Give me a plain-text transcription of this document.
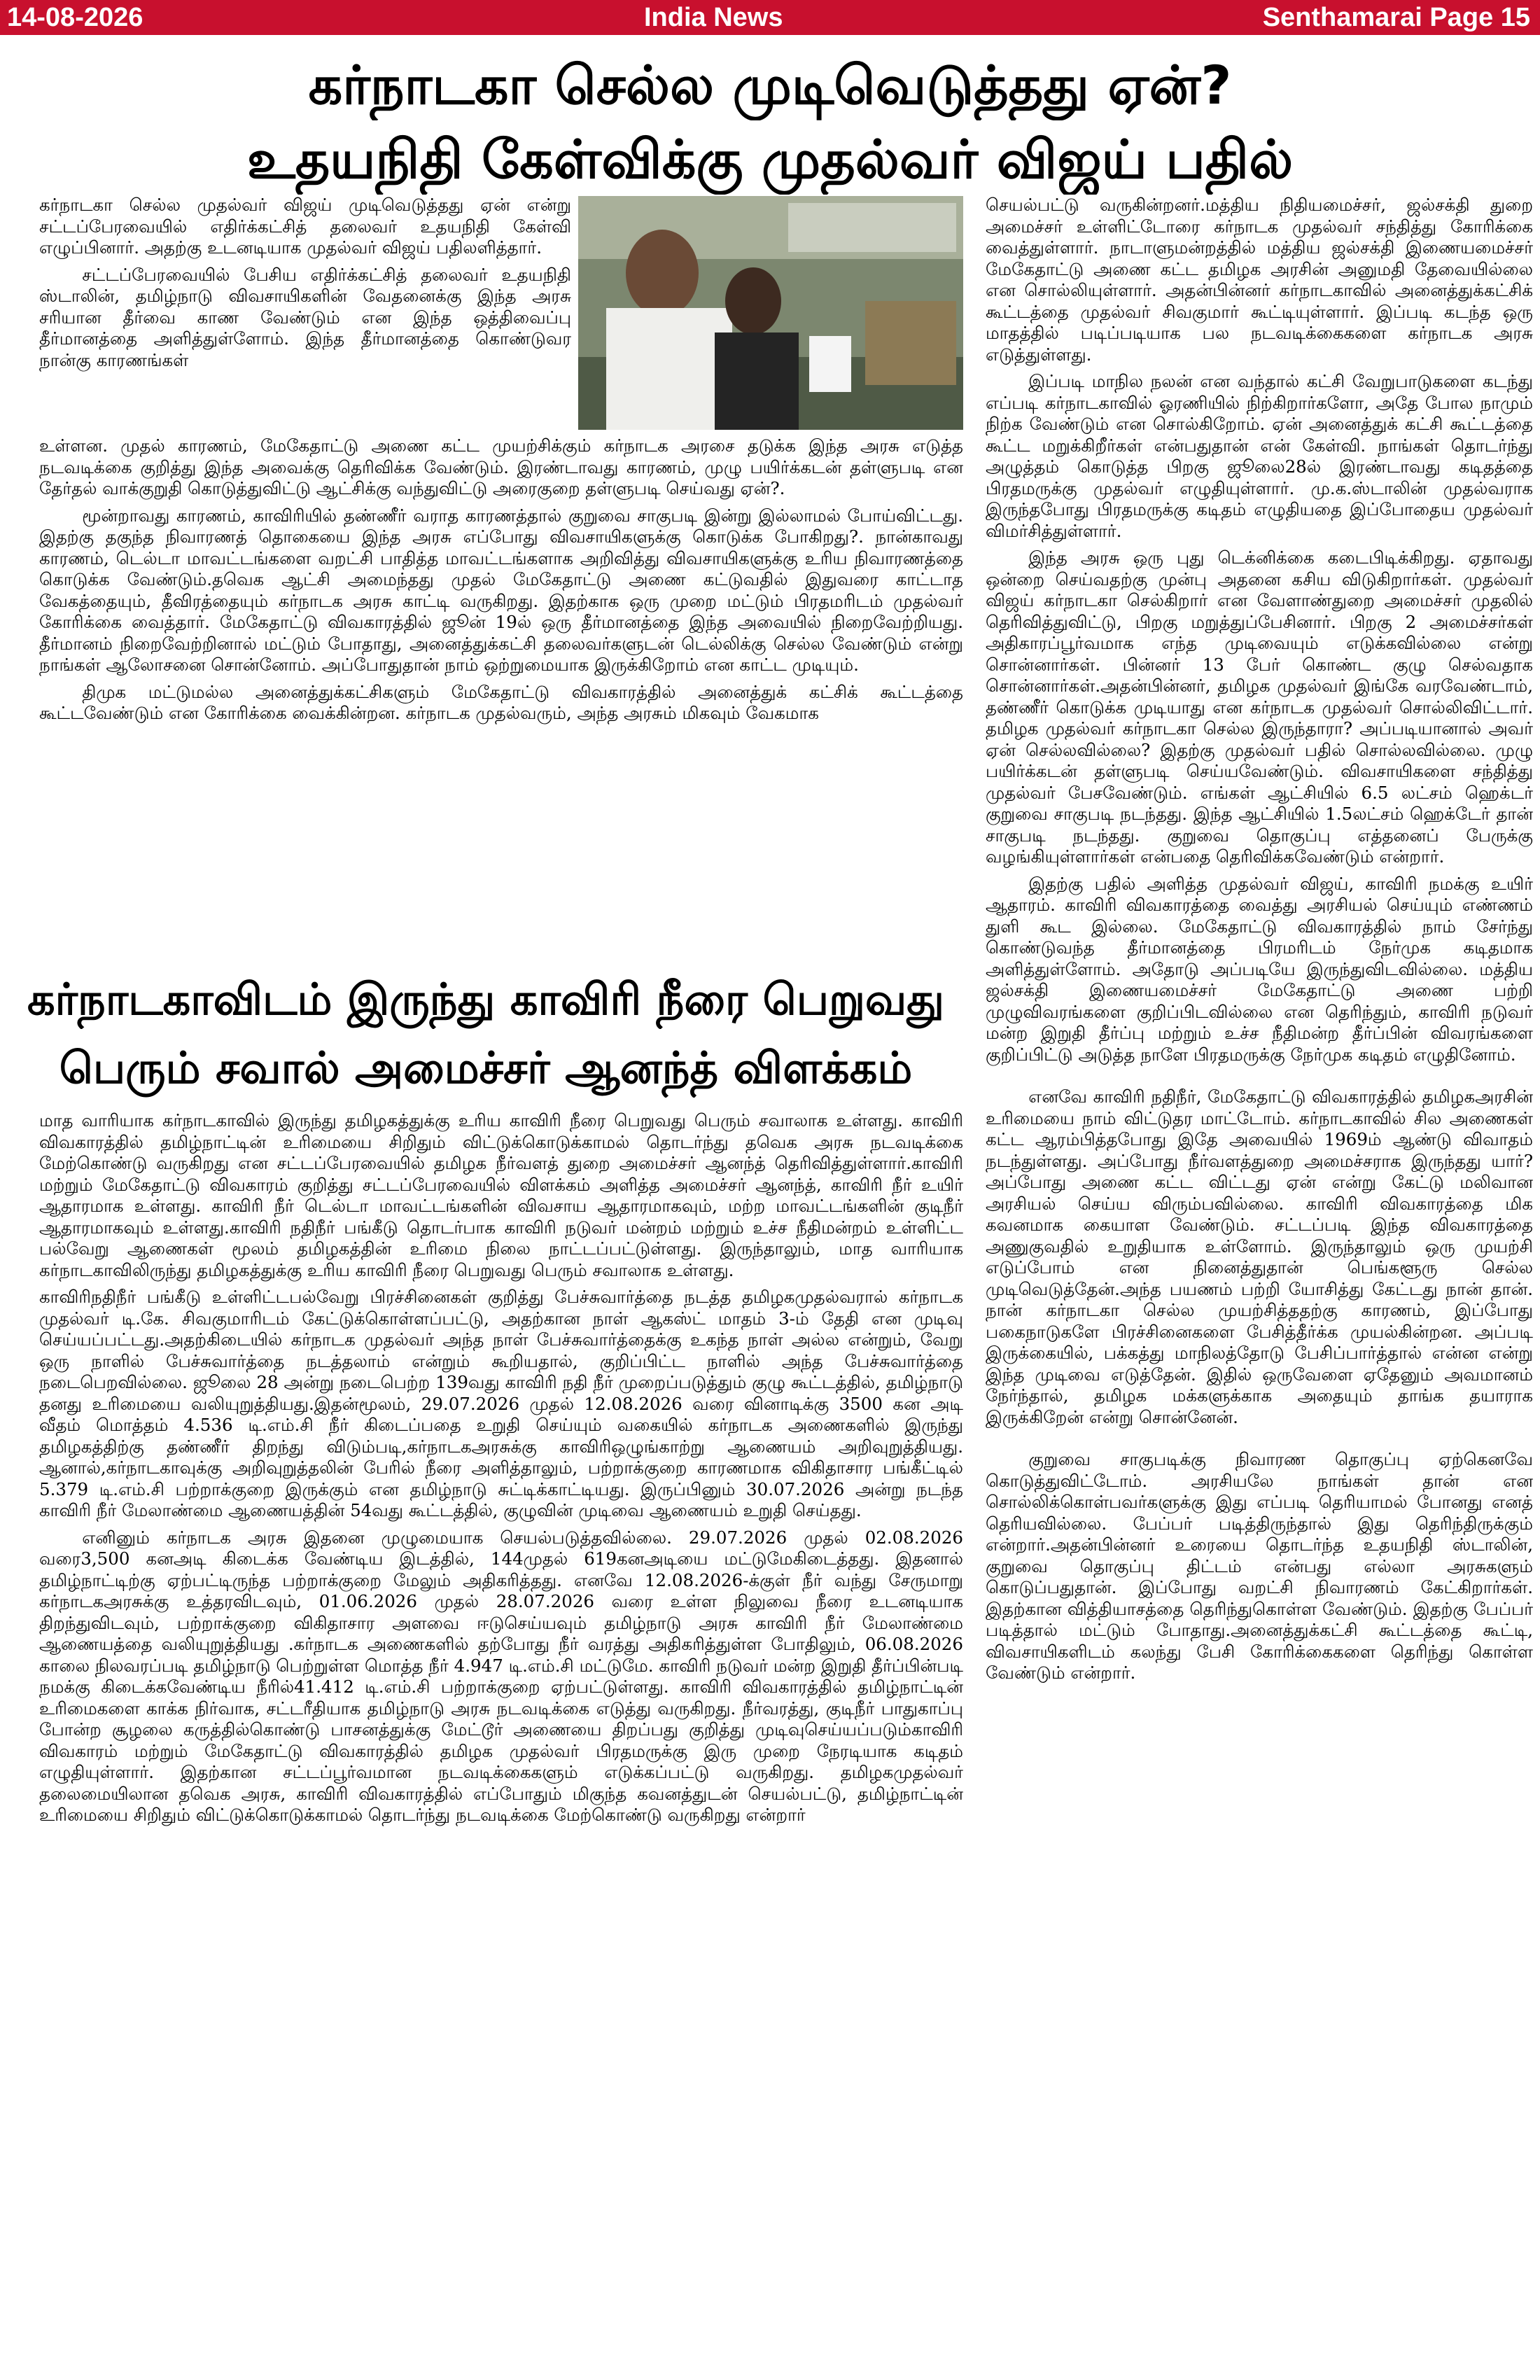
14-08-2026	India News	Senthamarai Page 15
கர்நாடகா செல்ல முடிவெடுத்தது ஏன்?
உதயநிதி கேள்விக்கு முதல்வர் விஜய் பதில்

கர்நாடகா செல்ல முதல்வர் விஜய் முடிவெடுத்தது ஏன் என்று சட்டப்பேரவையில் எதிர்க்கட்சித் தலைவர் உதயநிதி கேள்வி எழுப்பினார். அதற்கு உடனடியாக முதல்வர் விஜய் பதிலளித்தார்.

சட்டப்பேரவையில் பேசிய எதிர்க்கட்சித் தலைவர் உதயநிதி ஸ்டாலின், தமிழ்நாடு விவசாயிகளின் வேதனைக்கு இந்த அரசு சரியான தீர்வை காண வேண்டும் என இந்த ஒத்திவைப்பு தீர்மானத்தை அளித்துள்ளோம். இந்த தீர்மானத்தை கொண்டுவர நான்கு காரணங்கள்

உள்ளன. முதல் காரணம், மேகேதாட்டு அணை கட்ட முயற்சிக்கும் கர்நாடக அரசை தடுக்க இந்த அரசு எடுத்த நடவடிக்கை குறித்து இந்த அவைக்கு தெரிவிக்க வேண்டும். இரண்டாவது காரணம், முழு பயிர்க்கடன் தள்ளுபடி என தேர்தல் வாக்குறுதி கொடுத்துவிட்டு ஆட்சிக்கு வந்துவிட்டு அரைகுறை தள்ளுபடி செய்வது ஏன்?.

மூன்றாவது காரணம், காவிரியில் தண்ணீர் வராத காரணத்தால் குறுவை சாகுபடி இன்று இல்லாமல் போய்விட்டது. இதற்கு தகுந்த நிவாரணத் தொகையை இந்த அரசு எப்போது விவசாயிகளுக்கு கொடுக்க போகிறது?. நான்காவது காரணம், டெல்டா மாவட்டங்களை வறட்சி பாதித்த மாவட்டங்களாக அறிவித்து விவசாயிகளுக்கு உரிய நிவாரணத்தை கொடுக்க வேண்டும்.தவெக ஆட்சி அமைந்தது முதல் மேகேதாட்டு அணை கட்டுவதில் இதுவரை காட்டாத வேகத்தையும், தீவிரத்தையும் கர்நாடக அரசு காட்டி வருகிறது. இதற்காக ஒரு முறை மட்டும் பிரதமரிடம் முதல்வர் கோரிக்கை வைத்தார். மேகேதாட்டு விவகாரத்தில் ஜூன் 19ல் ஒரு தீர்மானத்தை இந்த அவையில் நிறைவேற்றியது. தீர்மானம் நிறைவேற்றினால் மட்டும் போதாது, அனைத்துக்கட்சி தலைவர்களுடன் டெல்லிக்கு செல்ல வேண்டும் என்று நாங்கள் ஆலோசனை சொன்னோம். அப்போதுதான் நாம் ஒற்றுமையாக இருக்கிறோம் என காட்ட முடியும்.

திமுக மட்டுமல்ல அனைத்துக்கட்சிகளும் மேகேதாட்டு விவகாரத்தில் அனைத்துக் கட்சிக் கூட்டத்தை கூட்டவேண்டும் என கோரிக்கை வைக்கின்றன. கர்நாடக முதல்வரும், அந்த அரசும் மிகவும் வேகமாக

கர்நாடகாவிடம் இருந்து காவிரி நீரை பெறுவது
பெரும் சவால் அமைச்சர் ஆனந்த் விளக்கம்

மாத வாரியாக கர்நாடகாவில் இருந்து தமிழகத்துக்கு உரிய காவிரி நீரை பெறுவது பெரும் சவாலாக உள்ளது. காவிரி விவகாரத்தில் தமிழ்நாட்டின் உரிமையை சிறிதும் விட்டுக்கொடுக்காமல் தொடர்ந்து தவெக அரசு நடவடிக்கை மேற்கொண்டு வருகிறது என சட்டப்பேரவையில் தமிழக நீர்வளத் துறை அமைச்சர் ஆனந்த் தெரிவித்துள்ளார்.காவிரி மற்றும் மேகேதாட்டு விவகாரம் குறித்து சட்டப்பேரவையில் விளக்கம் அளித்த அமைச்சர் ஆனந்த், காவிரி நீர் உயிர் ஆதாரமாக உள்ளது. காவிரி நீர் டெல்டா மாவட்டங்களின் விவசாய ஆதாரமாகவும், மற்ற மாவட்டங்களின் குடிநீர் ஆதாரமாகவும் உள்ளது.காவிரி நதிநீர் பங்கீடு தொடர்பாக காவிரி நடுவர் மன்றம் மற்றும் உச்ச நீதிமன்றம் உள்ளிட்ட பல்வேறு ஆணைகள் மூலம் தமிழகத்தின் உரிமை நிலை நாட்டப்பட்டுள்ளது. இருந்தாலும், மாத வாரியாக கர்நாடகாவிலிருந்து தமிழகத்துக்கு உரிய காவிரி நீரை பெறுவது பெரும் சவாலாக உள்ளது.

காவிரிநதிநீர் பங்கீடு உள்ளிட்டபல்வேறு பிரச்சினைகள் குறித்து பேச்சுவார்த்தை நடத்த தமிழகமுதல்வரால் கர்நாடக முதல்வர் டி.கே. சிவகுமாரிடம் கேட்டுக்கொள்ளப்பட்டு, அதற்கான நாள் ஆகஸ்ட் மாதம் 3-ம் தேதி என முடிவு செய்யப்பட்டது.அதற்கிடையில் கர்நாடக முதல்வர் அந்த நாள் பேச்சுவார்த்தைக்கு உகந்த நாள் அல்ல என்றும், வேறு ஒரு நாளில் பேச்சுவார்த்தை நடத்தலாம் என்றும் கூறியதால், குறிப்பிட்ட நாளில் அந்த பேச்சுவார்த்தை நடைபெறவில்லை. ஜூலை 28 அன்று நடைபெற்ற 139வது காவிரி நதி நீர் முறைப்படுத்தும் குழு கூட்டத்தில், தமிழ்நாடு தனது உரிமையை வலியுறுத்தியது.இதன்மூலம், 29.07.2026 முதல் 12.08.2026 வரை வினாடிக்கு 3500 கன அடி வீதம் மொத்தம் 4.536 டி.எம்.சி நீர் கிடைப்பதை உறுதி செய்யும் வகையில் கர்நாடக அணைகளில் இருந்து தமிழகத்திற்கு தண்ணீர் திறந்து விடும்படி,கர்நாடகஅரசுக்கு காவிரிஒழுங்காற்று ஆணையம் அறிவுறுத்தியது. ஆனால்,கர்நாடகாவுக்கு அறிவுறுத்தலின் பேரில் நீரை அளித்தாலும், பற்றாக்குறை காரணமாக விகிதாசார பங்கீட்டில் 5.379 டி.எம்.சி பற்றாக்குறை இருக்கும் என தமிழ்நாடு சுட்டிக்காட்டியது. இருப்பினும் 30.07.2026 அன்று நடந்த காவிரி நீர் மேலாண்மை ஆணையத்தின் 54வது கூட்டத்தில், குழுவின் முடிவை ஆணையம் உறுதி செய்தது.

எனினும் கர்நாடக அரசு இதனை முழுமையாக செயல்படுத்தவில்லை. 29.07.2026 முதல் 02.08.2026 வரை3,500 கனஅடி கிடைக்க வேண்டிய இடத்தில், 144முதல் 619கனஅடியை மட்டுமேகிடைத்தது. இதனால் தமிழ்நாட்டிற்கு ஏற்பட்டிருந்த பற்றாக்குறை மேலும் அதிகரித்தது. எனவே 12.08.2026-க்குள் நீர் வந்து சேருமாறு கர்நாடகஅரசுக்கு உத்தரவிடவும், 01.06.2026 முதல் 28.07.2026 வரை உள்ள நிலுவை நீரை உடனடியாக திறந்துவிடவும், பற்றாக்குறை விகிதாசார அளவை ஈடுசெய்யவும் தமிழ்நாடு அரசு காவிரி நீர் மேலாண்மை ஆணையத்தை வலியுறுத்தியது .கர்நாடக அணைகளில் தற்போது நீர் வரத்து அதிகரித்துள்ள போதிலும், 06.08.2026 காலை நிலவரப்படி தமிழ்நாடு பெற்றுள்ள மொத்த நீர் 4.947 டி.எம்.சி மட்டுமே. காவிரி நடுவர் மன்ற இறுதி தீர்ப்பின்படி நமக்கு கிடைக்கவேண்டிய நீரில்41.412 டி.எம்.சி பற்றாக்குறை ஏற்பட்டுள்ளது. காவிரி விவகாரத்தில் தமிழ்நாட்டின் உரிமைகளை காக்க நிர்வாக, சட்டரீதியாக தமிழ்நாடு அரசு நடவடிக்கை எடுத்து வருகிறது. நீர்வரத்து, குடிநீர் பாதுகாப்பு போன்ற சூழலை கருத்தில்கொண்டு பாசனத்துக்கு மேட்டூர் அணையை திறப்பது குறித்து முடிவுசெய்யப்படும்காவிரி விவகாரம் மற்றும் மேகேதாட்டு விவகாரத்தில் தமிழக முதல்வர் பிரதமருக்கு இரு முறை நேரடியாக கடிதம் எழுதியுள்ளார். இதற்கான சட்டப்பூர்வமான நடவடிக்கைகளும் எடுக்கப்பட்டு வருகிறது. தமிழகமுதல்வர் தலைமையிலான தவெக அரசு, காவிரி விவகாரத்தில் எப்போதும் மிகுந்த கவனத்துடன் செயல்பட்டு, தமிழ்நாட்டின் உரிமையை சிறிதும் விட்டுக்கொடுக்காமல் தொடர்ந்து நடவடிக்கை மேற்கொண்டு வருகிறது என்றார்

செயல்பட்டு வருகின்றனர்.மத்திய நிதியமைச்சர், ஜல்சக்தி துறை அமைச்சர் உள்ளிட்டோரை கர்நாடக முதல்வர் சந்தித்து கோரிக்கை வைத்துள்ளார். நாடாளுமன்றத்தில் மத்திய ஜல்சக்தி இணையமைச்சர் மேகேதாட்டு அணை கட்ட தமிழக அரசின் அனுமதி தேவையில்லை என சொல்லியுள்ளார். அதன்பின்னர் கர்நாடகாவில் அனைத்துக்கட்சிக் கூட்டத்தை முதல்வர் சிவகுமார் கூட்டியுள்ளார். இப்படி கடந்த ஒரு மாதத்தில் படிப்படியாக பல நடவடிக்கைகளை கர்நாடக அரசு எடுத்துள்ளது.

இப்படி மாநில நலன் என வந்தால் கட்சி வேறுபாடுகளை கடந்து எப்படி கர்நாடகாவில் ஓரணியில் நிற்கிறார்களோ, அதே போல நாமும் நிற்க வேண்டும் என சொல்கிறோம். ஏன் அனைத்துக் கட்சி கூட்டத்தை கூட்ட மறுக்கிறீர்கள் என்பதுதான் என் கேள்வி. நாங்கள் தொடர்ந்து அழுத்தம் கொடுத்த பிறகு ஜூலை28ல் இரண்டாவது கடிதத்தை பிரதமருக்கு முதல்வர் எழுதியுள்ளார். மு.க.ஸ்டாலின் முதல்வராக இருந்தபோது பிரதமருக்கு கடிதம் எழுதியதை இப்போதைய முதல்வர் விமர்சித்துள்ளார்.

இந்த அரசு ஒரு புது டெக்னிக்கை கடைபிடிக்கிறது. ஏதாவது ஒன்றை செய்வதற்கு முன்பு அதனை கசிய விடுகிறார்கள். முதல்வர் விஜய் கர்நாடகா செல்கிறார் என வேளாண்துறை அமைச்சர் முதலில் தெரிவித்துவிட்டு, பிறகு மறுத்துப்பேசினார். பிறகு 2 அமைச்சர்கள் அதிகாரப்பூர்வமாக எந்த முடிவையும் எடுக்கவில்லை என்று சொன்னார்கள். பின்னர் 13 பேர் கொண்ட குழு செல்வதாக சொன்னார்கள்.அதன்பின்னர், தமிழக முதல்வர் இங்கே வரவேண்டாம், தண்ணீர் கொடுக்க முடியாது என கர்நாடக முதல்வர் சொல்லிவிட்டார். தமிழக முதல்வர் கர்நாடகா செல்ல இருந்தாரா? அப்படியானால் அவர் ஏன் செல்லவில்லை? இதற்கு முதல்வர் பதில் சொல்லவில்லை. முழு பயிர்க்கடன் தள்ளுபடி செய்யவேண்டும். விவசாயிகளை சந்தித்து முதல்வர் பேசவேண்டும். எங்கள் ஆட்சியில் 6.5 லட்சம் ஹெக்டர் குறுவை சாகுபடி நடந்தது. இந்த ஆட்சியில் 1.5லட்சம் ஹெக்டேர் தான் சாகுபடி நடந்தது. குறுவை தொகுப்பு எத்தனைப் பேருக்கு வழங்கியுள்ளார்கள் என்பதை தெரிவிக்கவேண்டும் என்றார்.

இதற்கு பதில் அளித்த முதல்வர் விஜய், காவிரி நமக்கு உயிர் ஆதாரம். காவிரி விவகாரத்தை வைத்து அரசியல் செய்யும் எண்ணம் துளி கூட இல்லை. மேகேதாட்டு விவகாரத்தில் நாம் சேர்ந்து கொண்டுவந்த தீர்மானத்தை பிரமரிடம் நேர்முக கடிதமாக அளித்துள்ளோம். அதோடு அப்படியே இருந்துவிடவில்லை. மத்திய ஜல்சக்தி இணையமைச்சர் மேகேதாட்டு அணை பற்றி முழுவிவரங்களை குறிப்பிடவில்லை என தெரிந்தும், காவிரி நடுவர் மன்ற இறுதி தீர்ப்பு மற்றும் உச்ச நீதிமன்ற தீர்ப்பின் விவரங்களை குறிப்பிட்டு அடுத்த நாளே பிரதமருக்கு நேர்முக கடிதம் எழுதினோம்.

எனவே காவிரி நதிநீர், மேகேதாட்டு விவகாரத்தில் தமிழகஅரசின் உரிமையை நாம் விட்டுதர மாட்டோம். கர்நாடகாவில் சில அணைகள் கட்ட ஆரம்பித்தபோது இதே அவையில் 1969ம் ஆண்டு விவாதம் நடந்துள்ளது. அப்போது நீர்வளத்துறை அமைச்சராக இருந்தது யார்? அப்போது அணை கட்ட விட்டது ஏன் என்று கேட்டு மலிவான அரசியல் செய்ய விரும்பவில்லை. காவிரி விவகாரத்தை மிக கவனமாக கையாள வேண்டும். சட்டப்படி இந்த விவகாரத்தை அணுகுவதில் உறுதியாக உள்ளோம். இருந்தாலும் ஒரு முயற்சி எடுப்போம் என நினைத்துதான் பெங்களூரு செல்ல முடிவெடுத்தேன்.அந்த பயணம் பற்றி யோசித்து கேட்டது நான் தான். நான் கர்நாடகா செல்ல முயற்சித்ததற்கு காரணம், இப்போது பகைநாடுகளே பிரச்சினைகளை பேசித்தீர்க்க முயல்கின்றன. அப்படி இருக்கையில், பக்கத்து மாநிலத்தோடு பேசிப்பார்த்தால் என்ன என்று இந்த முடிவை எடுத்தேன். இதில் ஒருவேளை ஏதேனும் அவமானம் நேர்ந்தால், தமிழக மக்களுக்காக அதையும் தாங்க தயாராக இருக்கிறேன் என்று சொன்னேன்.

குறுவை சாகுபடிக்கு நிவாரண தொகுப்பு ஏற்கெனவே கொடுத்துவிட்டோம். அரசியலே நாங்கள் தான் என சொல்லிக்கொள்பவர்களுக்கு இது எப்படி தெரியாமல் போனது எனத் தெரியவில்லை. பேப்பர் படித்திருந்தால் இது தெரிந்திருக்கும் என்றார்.அதன்பின்னர் உரையை தொடர்ந்த உதயநிதி ஸ்டாலின், குறுவை தொகுப்பு திட்டம் என்பது எல்லா அரசுகளும் கொடுப்பதுதான். இப்போது வறட்சி நிவாரணம் கேட்கிறார்கள். இதற்கான வித்தியாசத்தை தெரிந்துகொள்ள வேண்டும். இதற்கு பேப்பர் படித்தால் மட்டும் போதாது.அனைத்துக்கட்சி கூட்டத்தை கூட்டி, விவசாயிகளிடம் கலந்து பேசி கோரிக்கைகளை தெரிந்து கொள்ள வேண்டும் என்றார்.
